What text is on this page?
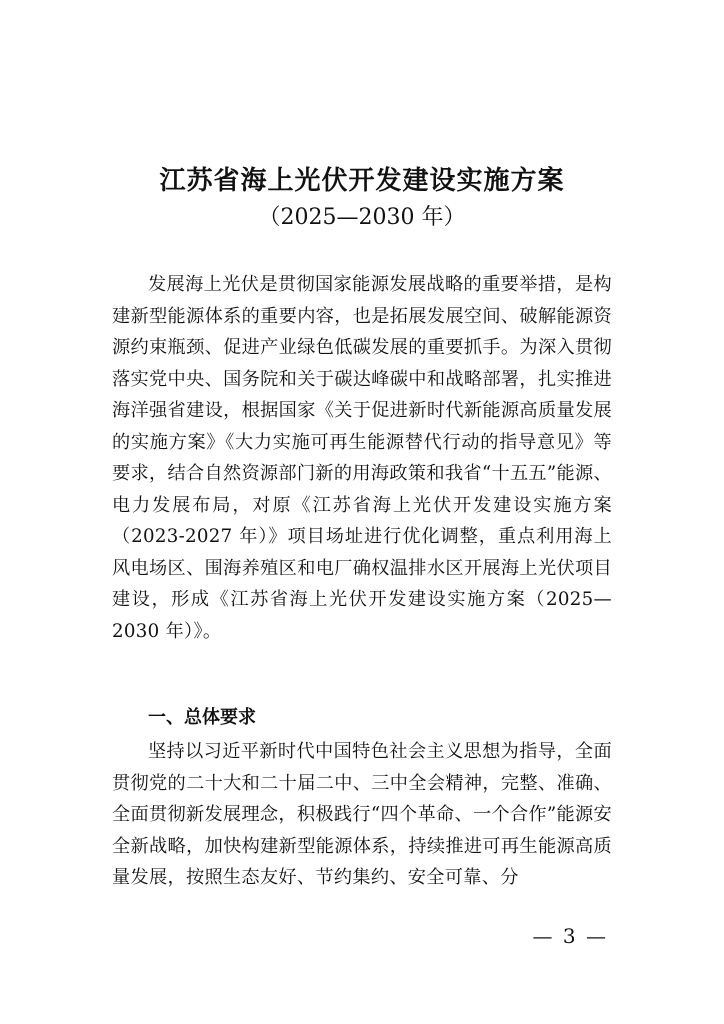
江苏省海上光伏开发建设实施方案

（2025—2030 年）

发展海上光伏是贯彻国家能源发展战略的重要举措，是构建新型能源体系的重要内容，也是拓展发展空间、破解能源资源约束瓶颈、促进产业绿色低碳发展的重要抓手。为深入贯彻落实党中央、国务院和关于碳达峰碳中和战略部署，扎实推进海洋强省建设，根据国家《关于促进新时代新能源高质量发展的实施方案》《大力实施可再生能源替代行动的指导意见》等要求，结合自然资源部门新的用海政策和我省“十五五”能源、电力发展布局，对原《江苏省海上光伏开发建设实施方案（2023-2027 年）》项目场址进行优化调整，重点利用海上风电场区、围海养殖区和电厂确权温排水区开展海上光伏项目建设，形成《江苏省海上光伏开发建设实施方案（2025—2030 年）》。

一、总体要求

坚持以习近平新时代中国特色社会主义思想为指导，全面贯彻党的二十大和二十届二中、三中全会精神，完整、准确、全面贯彻新发展理念，积极践行“四个革命、一个合作”能源安全新战略，加快构建新型能源体系，持续推进可再生能源高质量发展，按照生态友好、节约集约、安全可靠、分

— 3 —
